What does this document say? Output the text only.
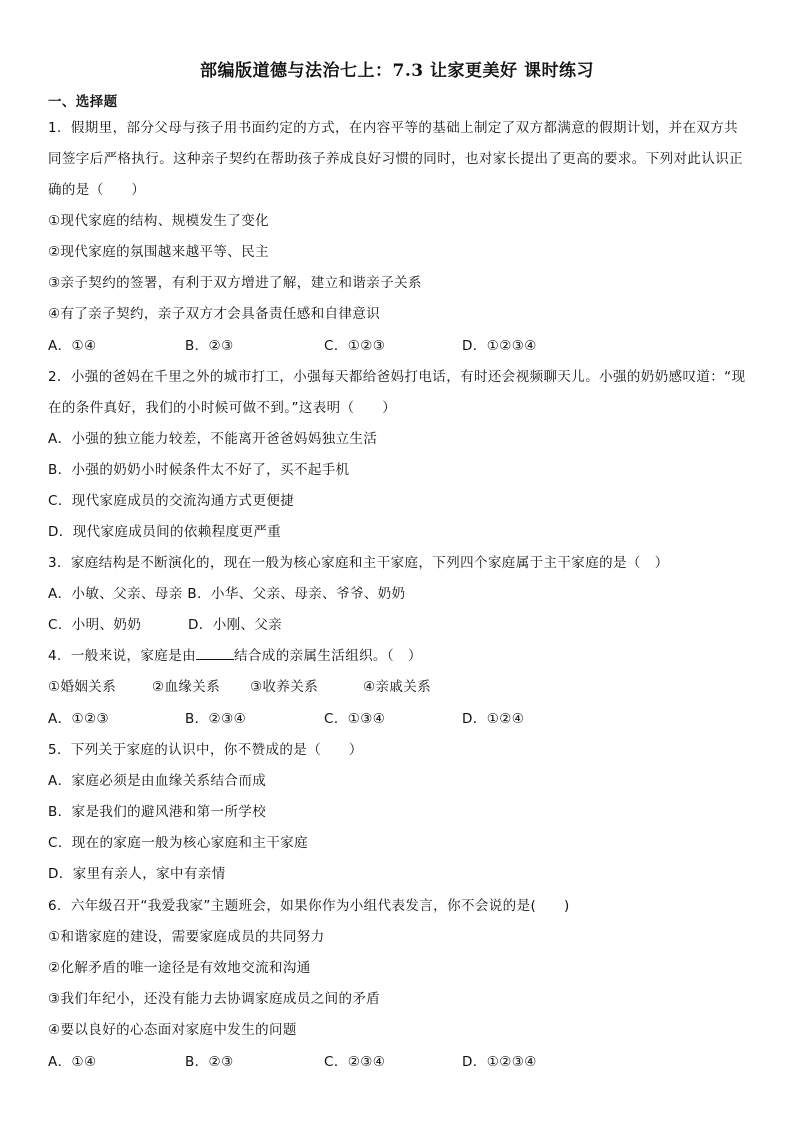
部编版道德与法治七上：7.3 让家更美好 课时练习
一、选择题
1．假期里，部分父母与孩子用书面约定的方式，在内容平等的基础上制定了双方都满意的假期计划，并在双方共
同签字后严格执行。这种亲子契约在帮助孩子养成良好习惯的同时，也对家长提出了更高的要求。下列对此认识正
确的是（　　）
①现代家庭的结构、规模发生了变化
②现代家庭的氛围越来越平等、民主
③亲子契约的签署，有利于双方增进了解，建立和谐亲子关系
④有了亲子契约，亲子双方才会具备责任感和自律意识
A．①④	B．②③	C．①②③	D．①②③④
2．小强的爸妈在千里之外的城市打工，小强每天都给爸妈打电话，有时还会视频聊天儿。小强的奶奶感叹道：“现
在的条件真好，我们的小时候可做不到。”这表明（　　）
A．小强的独立能力较差，不能离开爸爸妈妈独立生活
B．小强的奶奶小时候条件太不好了，买不起手机
C．现代家庭成员的交流沟通方式更便捷
D．现代家庭成员间的依赖程度更严重
3．家庭结构是不断演化的，现在一般为核心家庭和主干家庭，下列四个家庭属于主干家庭的是（　）
A．小敏、父亲、母亲 B．小华、父亲、母亲、爷爷、奶奶
C．小明、奶奶	D．小刚、父亲
4．一般来说，家庭是由	结合成的亲属生活组织。（　）
①婚姻关系	②血缘关系 ③收养关系	④亲戚关系
A．①②③	B．②③④	C．①③④	D．①②④
5．下列关于家庭的认识中，你不赞成的是（　　）
A．家庭必须是由血缘关系结合而成
B．家是我们的避风港和第一所学校
C．现在的家庭一般为核心家庭和主干家庭
D．家里有亲人，家中有亲情
6．六年级召开“我爱我家”主题班会，如果你作为小组代表发言，你不会说的是(　　)
①和谐家庭的建设，需要家庭成员的共同努力
②化解矛盾的唯一途径是有效地交流和沟通
③我们年纪小，还没有能力去协调家庭成员之间的矛盾
④要以良好的心态面对家庭中发生的问题
A．①④	B．②③	C．②③④	D．①②③④
